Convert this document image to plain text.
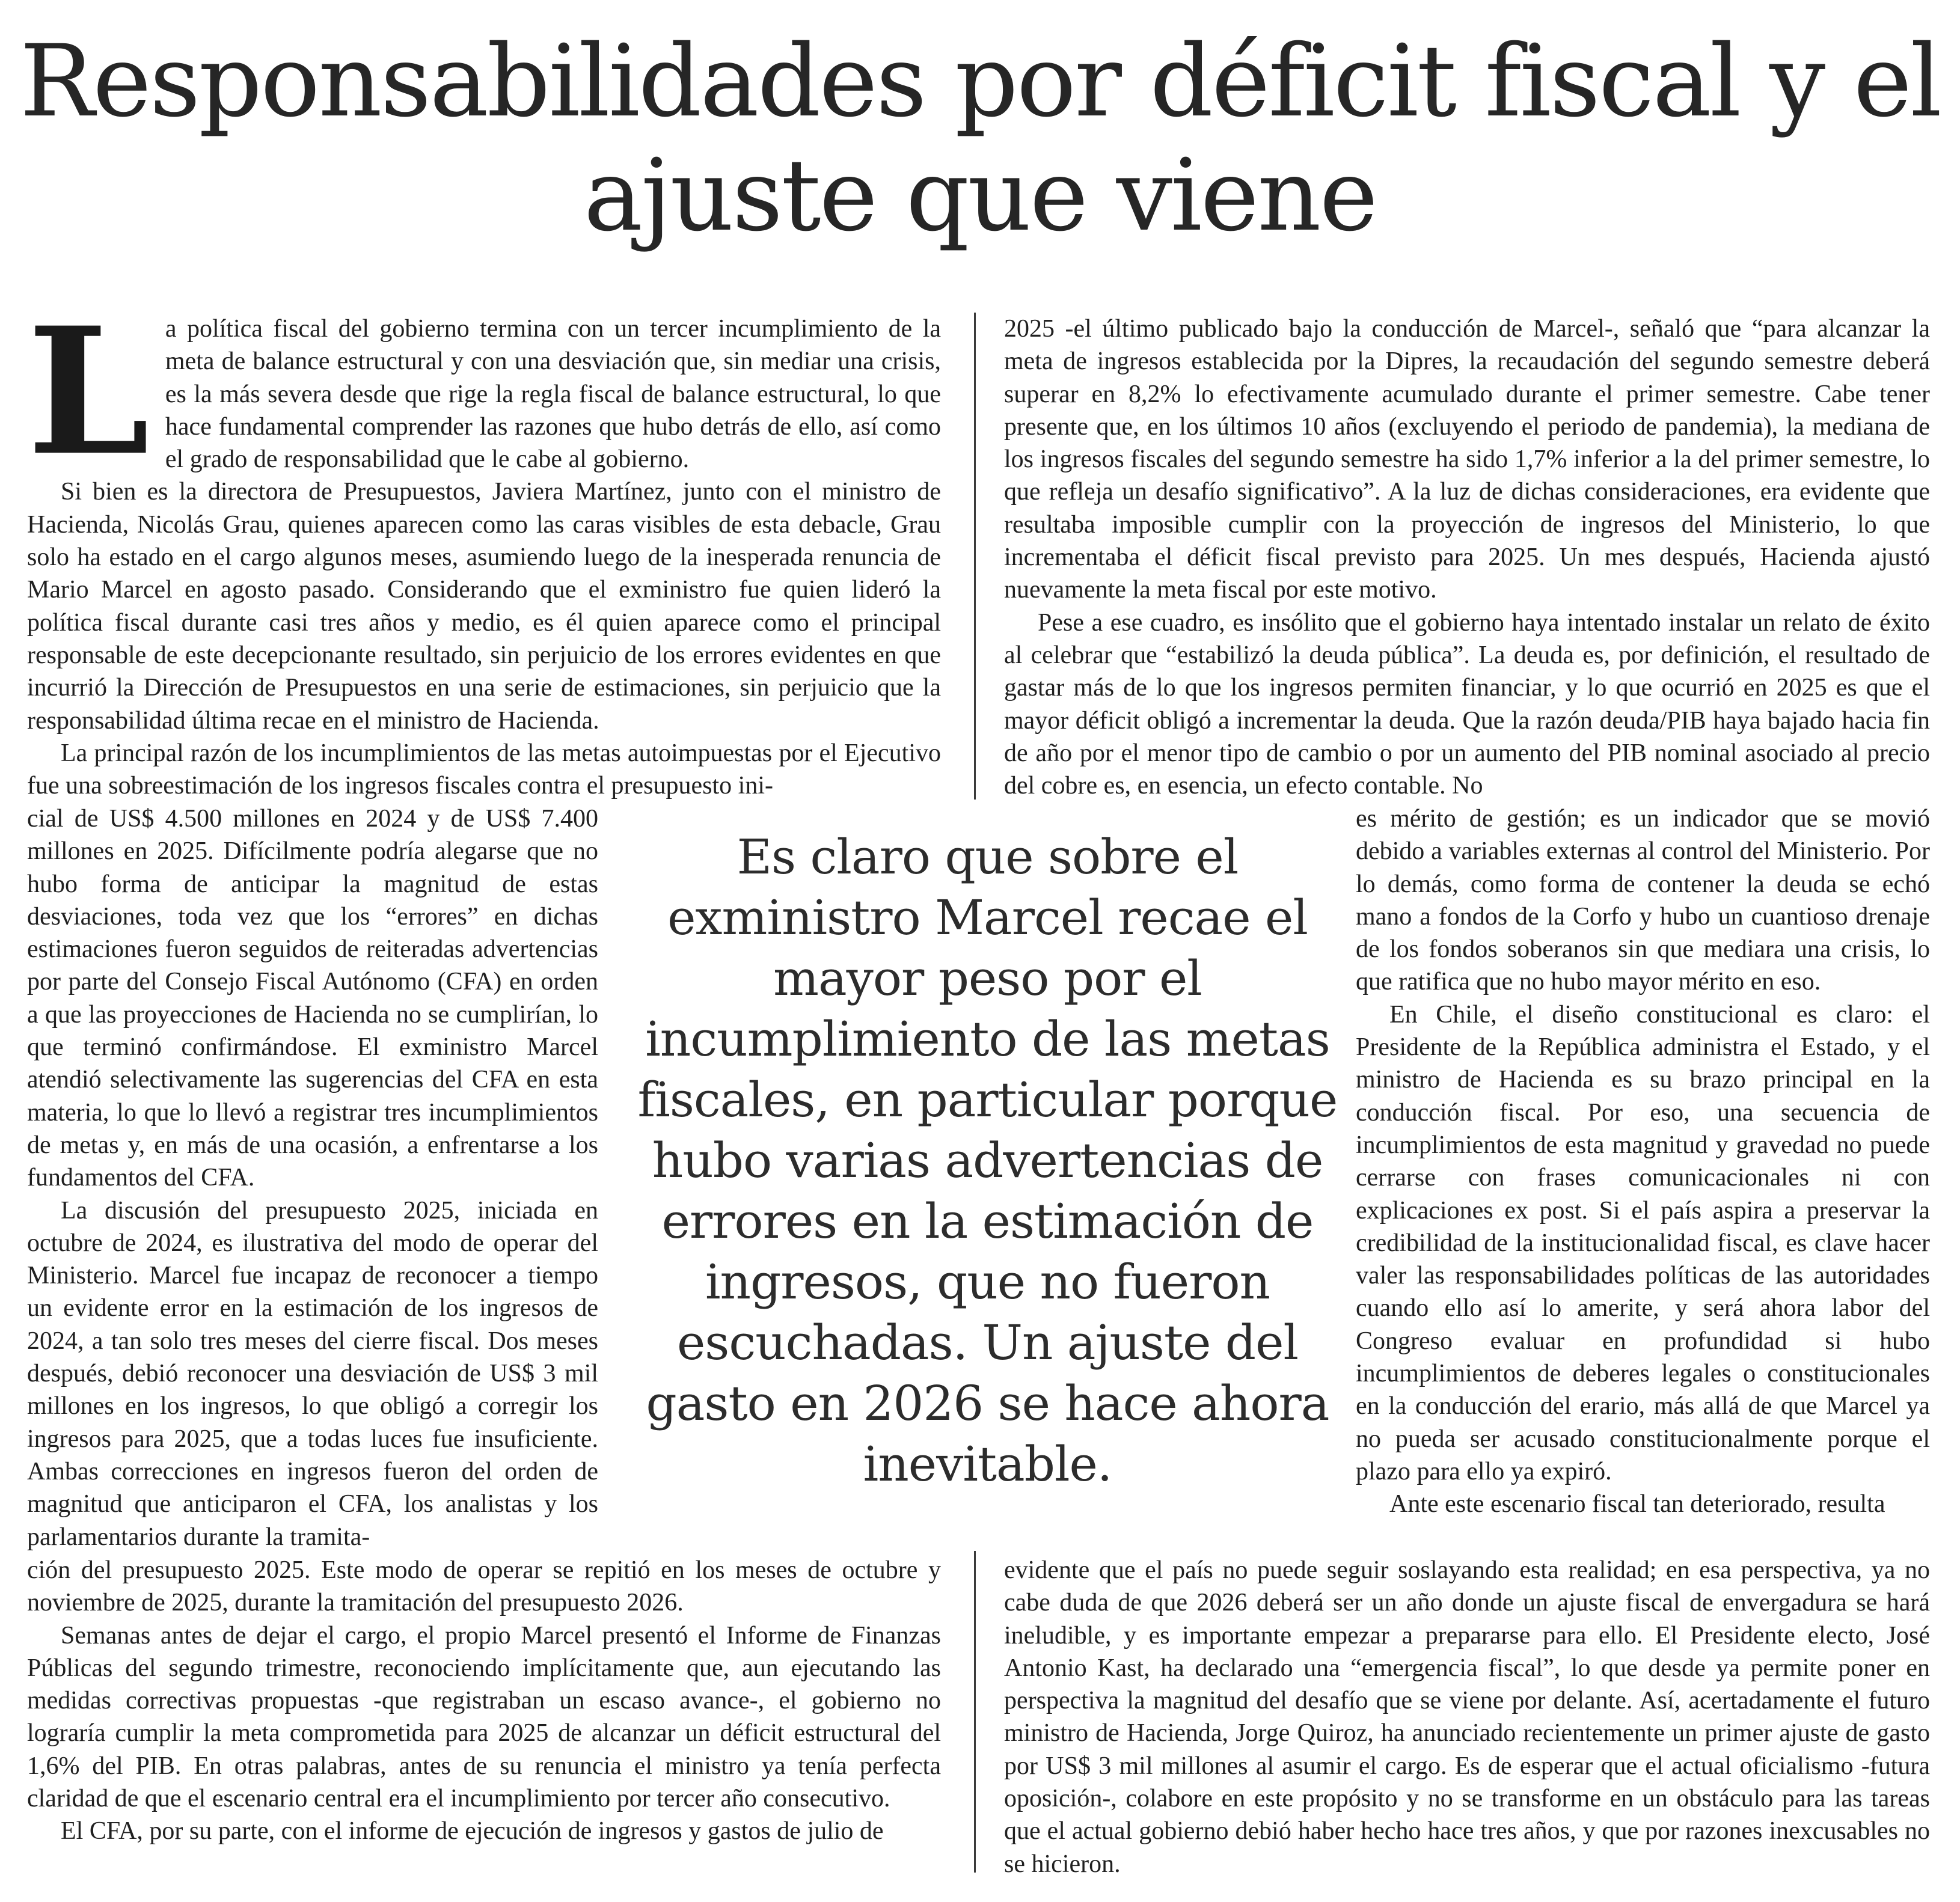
Responsabilidades por déficit fiscal y el ajuste que viene
L a política fiscal del gobierno termina con un tercer incumplimiento de la meta de balance estructural y con una desviación que, sin mediar una crisis, es la más severa desde que rige la regla fiscal de balance estructural, lo que hace fundamental comprender las razones que hubo detrás de ello, así como el grado de responsabilidad que le cabe al gobierno.

Si bien es la directora de Presupuestos, Javiera Martínez, junto con el ministro de Hacienda, Nicolás Grau, quienes aparecen como las caras visibles de esta debacle, Grau solo ha estado en el cargo algunos meses, asumiendo luego de la inesperada renuncia de Mario Marcel en agosto pasado. Considerando que el exministro fue quien lideró la política fiscal durante casi tres años y medio, es él quien aparece como el principal responsable de este decepcionante resultado, sin perjuicio de los errores evidentes en que incurrió la Dirección de Presupuestos en una serie de estimaciones, sin perjuicio que la responsabilidad última recae en el ministro de Hacienda.

La principal razón de los incumplimientos de las metas autoimpuestas por el Ejecutivo fue una sobreestimación de los ingresos fiscales contra el presupuesto ini-

cial de US$ 4.500 millones en 2024 y de US$ 7.400 millones en 2025. Difícilmente podría alegarse que no hubo forma de anticipar la magnitud de estas desviaciones, toda vez que los “errores” en dichas estimaciones fueron seguidos de reiteradas advertencias por parte del Consejo Fiscal Autónomo (CFA) en orden a que las proyecciones de Hacienda no se cumplirían, lo que terminó confirmándose. El exministro Marcel atendió selectivamente las sugerencias del CFA en esta materia, lo que lo llevó a registrar tres incumplimientos de metas y, en más de una ocasión, a enfrentarse a los fundamentos del CFA.

La discusión del presupuesto 2025, iniciada en octubre de 2024, es ilustrativa del modo de operar del Ministerio. Marcel fue incapaz de reconocer a tiempo un evidente error en la estimación de los ingresos de 2024, a tan solo tres meses del cierre fiscal. Dos meses después, debió reconocer una desviación de US$ 3 mil millones en los ingresos, lo que obligó a corregir los ingresos para 2025, que a todas luces fue insuficiente. Ambas correcciones en ingresos fueron del orden de magnitud que anticiparon el CFA, los analistas y los parlamentarios durante la tramita-

ción del presupuesto 2025. Este modo de operar se repitió en los meses de octubre y noviembre de 2025, durante la tramitación del presupuesto 2026.

Semanas antes de dejar el cargo, el propio Marcel presentó el Informe de Finanzas Públicas del segundo trimestre, reconociendo implícitamente que, aun ejecutando las medidas correctivas propuestas -que registraban un escaso avance-, el gobierno no lograría cumplir la meta comprometida para 2025 de alcanzar un déficit estructural del 1,6% del PIB. En otras palabras, antes de su renuncia el ministro ya tenía perfecta claridad de que el escenario central era el incumplimiento por tercer año consecutivo.

El CFA, por su parte, con el informe de ejecución de ingresos y gastos de julio de

2025 -el último publicado bajo la conducción de Marcel-, señaló que “para alcanzar la meta de ingresos establecida por la Dipres, la recaudación del segundo semestre deberá superar en 8,2% lo efectivamente acumulado durante el primer semestre. Cabe tener presente que, en los últimos 10 años (excluyendo el periodo de pandemia), la mediana de los ingresos fiscales del segundo semestre ha sido 1,7% inferior a la del primer semestre, lo que refleja un desafío significativo”. A la luz de dichas consideraciones, era evidente que resultaba imposible cumplir con la proyección de ingresos del Ministerio, lo que incrementaba el déficit fiscal previsto para 2025. Un mes después, Hacienda ajustó nuevamente la meta fiscal por este motivo.

Pese a ese cuadro, es insólito que el gobierno haya intentado instalar un relato de éxito al celebrar que “estabilizó la deuda pública”. La deuda es, por definición, el resultado de gastar más de lo que los ingresos permiten financiar, y lo que ocurrió en 2025 es que el mayor déficit obligó a incrementar la deuda. Que la razón deuda/PIB haya bajado hacia fin de año por el menor tipo de cambio o por un aumento del PIB nominal asociado al precio del cobre es, en esencia, un efecto contable. No

es mérito de gestión; es un indicador que se movió debido a variables externas al control del Ministerio. Por lo demás, como forma de contener la deuda se echó mano a fondos de la Corfo y hubo un cuantioso drenaje de los fondos soberanos sin que mediara una crisis, lo que ratifica que no hubo mayor mérito en eso.

En Chile, el diseño constitucional es claro: el Presidente de la República administra el Estado, y el ministro de Hacienda es su brazo principal en la conducción fiscal. Por eso, una secuencia de incumplimientos de esta magnitud y gravedad no puede cerrarse con frases comunicacionales ni con explicaciones ex post. Si el país aspira a preservar la credibilidad de la institucionalidad fiscal, es clave hacer valer las responsabilidades políticas de las autoridades cuando ello así lo amerite, y será ahora labor del Congreso evaluar en profundidad si hubo incumplimientos de deberes legales o constitucionales en la conducción del erario, más allá de que Marcel ya no pueda ser acusado constitucionalmente porque el plazo para ello ya expiró.

Ante este escenario fiscal tan deteriorado, resulta

evidente que el país no puede seguir soslayando esta realidad; en esa perspectiva, ya no cabe duda de que 2026 deberá ser un año donde un ajuste fiscal de envergadura se hará ineludible, y es importante empezar a prepararse para ello. El Presidente electo, José Antonio Kast, ha declarado una “emergencia fiscal”, lo que desde ya permite poner en perspectiva la magnitud del desafío que se viene por delante. Así, acertadamente el futuro ministro de Hacienda, Jorge Quiroz, ha anunciado recientemente un primer ajuste de gasto por US$ 3 mil millones al asumir el cargo. Es de esperar que el actual oficialismo -futura oposición-, colabore en este propósito y no se transforme en un obstáculo para las tareas que el actual gobierno debió haber hecho hace tres años, y que por razones inexcusables no se hicieron.

Es claro que sobre el exministro Marcel recae el mayor peso por el incumplimiento de las metas fiscales, en particular porque hubo varias advertencias de errores en la estimación de ingresos, que no fueron escuchadas. Un ajuste del gasto en 2026 se hace ahora inevitable.
